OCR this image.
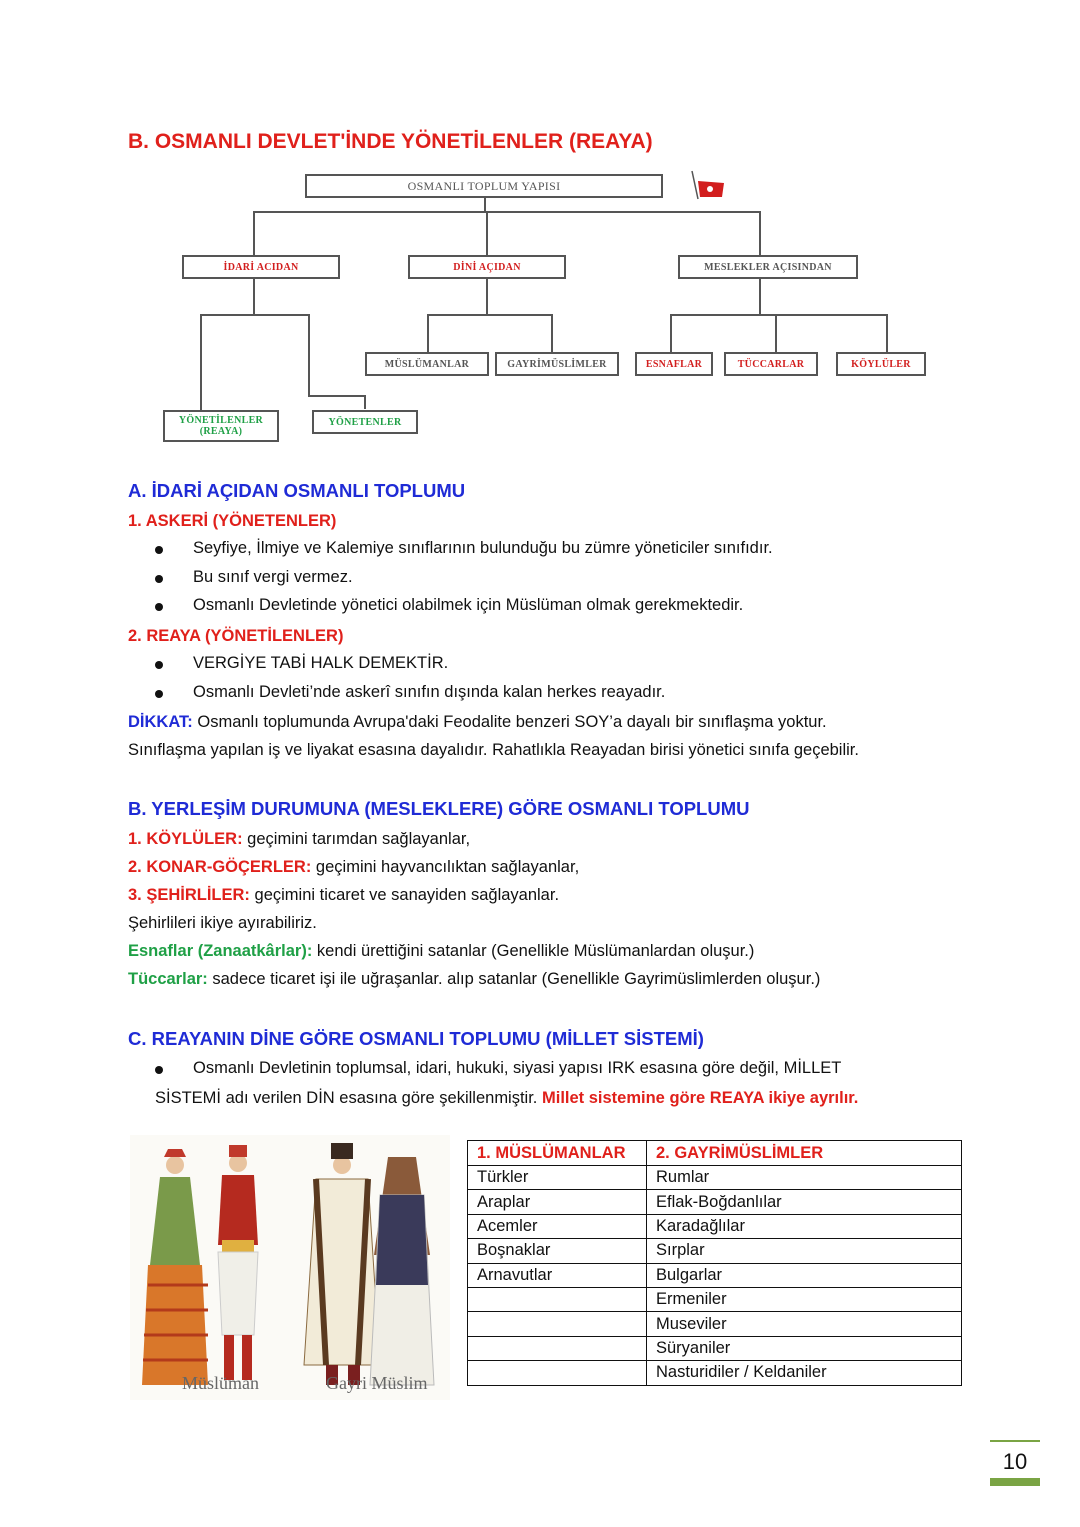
B. OSMANLI DEVLET'İNDE YÖNETİLENLER (REAYA)
OSMANLI TOPLUM YAPISI
İDARİ ACIDAN	DİNİ AÇIDAN	MESLEKLER AÇISINDAN
MÜSLÜMANLAR	GAYRİMÜSLİMLER	ESNAFLAR	TÜCCARLAR	KÖYLÜLER
YÖNETİLENLER
(REAYA)
YÖNETENLER
A. İDARİ AÇIDAN OSMANLI TOPLUMU
1. ASKERİ (YÖNETENLER)
Seyfiye, İlmiye ve Kalemiye sınıflarının bulunduğu bu zümre yöneticiler sınıfıdır.
Bu sınıf vergi vermez.
Osmanlı Devletinde yönetici olabilmek için Müslüman olmak gerekmektedir.
2. REAYA (YÖNETİLENLER)
VERGİYE TABİ HALK DEMEKTİR.
Osmanlı Devleti’nde askerî sınıfın dışında kalan herkes reayadır.
DİKKAT: Osmanlı toplumunda Avrupa'daki Feodalite benzeri SOY’a dayalı bir sınıflaşma yoktur.
Sınıflaşma yapılan iş ve liyakat esasına dayalıdır. Rahatlıkla Reayadan birisi yönetici sınıfa geçebilir.
B. YERLEŞİM DURUMUNA (MESLEKLERE) GÖRE OSMANLI TOPLUMU
1. KÖYLÜLER: geçimini tarımdan sağlayanlar,
2. KONAR-GÖÇERLER: geçimini hayvancılıktan sağlayanlar,
3. ŞEHİRLİLER: geçimini ticaret ve sanayiden sağlayanlar.
Şehirlileri ikiye ayırabiliriz.
Esnaflar (Zanaatkârlar): kendi ürettiğini satanlar (Genellikle Müslümanlardan oluşur.)
Tüccarlar: sadece ticaret işi ile uğraşanlar. alıp satanlar (Genellikle Gayrimüslimlerden oluşur.)
C. REAYANIN DİNE GÖRE OSMANLI TOPLUMU (MİLLET SİSTEMİ)
Osmanlı Devletinin toplumsal, idari, hukuki, siyasi yapısı IRK esasına göre değil, MİLLET
SİSTEMİ adı verilen DİN esasına göre şekillenmiştir. Millet sistemine göre REAYA ikiye ayrılır.
Müslüman	Gayri Müslim
1. MÜSLÜMANLAR	2. GAYRİMÜSLİMLER
Türkler	Rumlar
Araplar	Eflak-Boğdanlılar
Acemler	Karadağlılar
Boşnaklar	Sırplar
Arnavutlar	Bulgarlar
	Ermeniler
	Museviler
	Süryaniler
	Nasturidiler / Keldaniler
10
